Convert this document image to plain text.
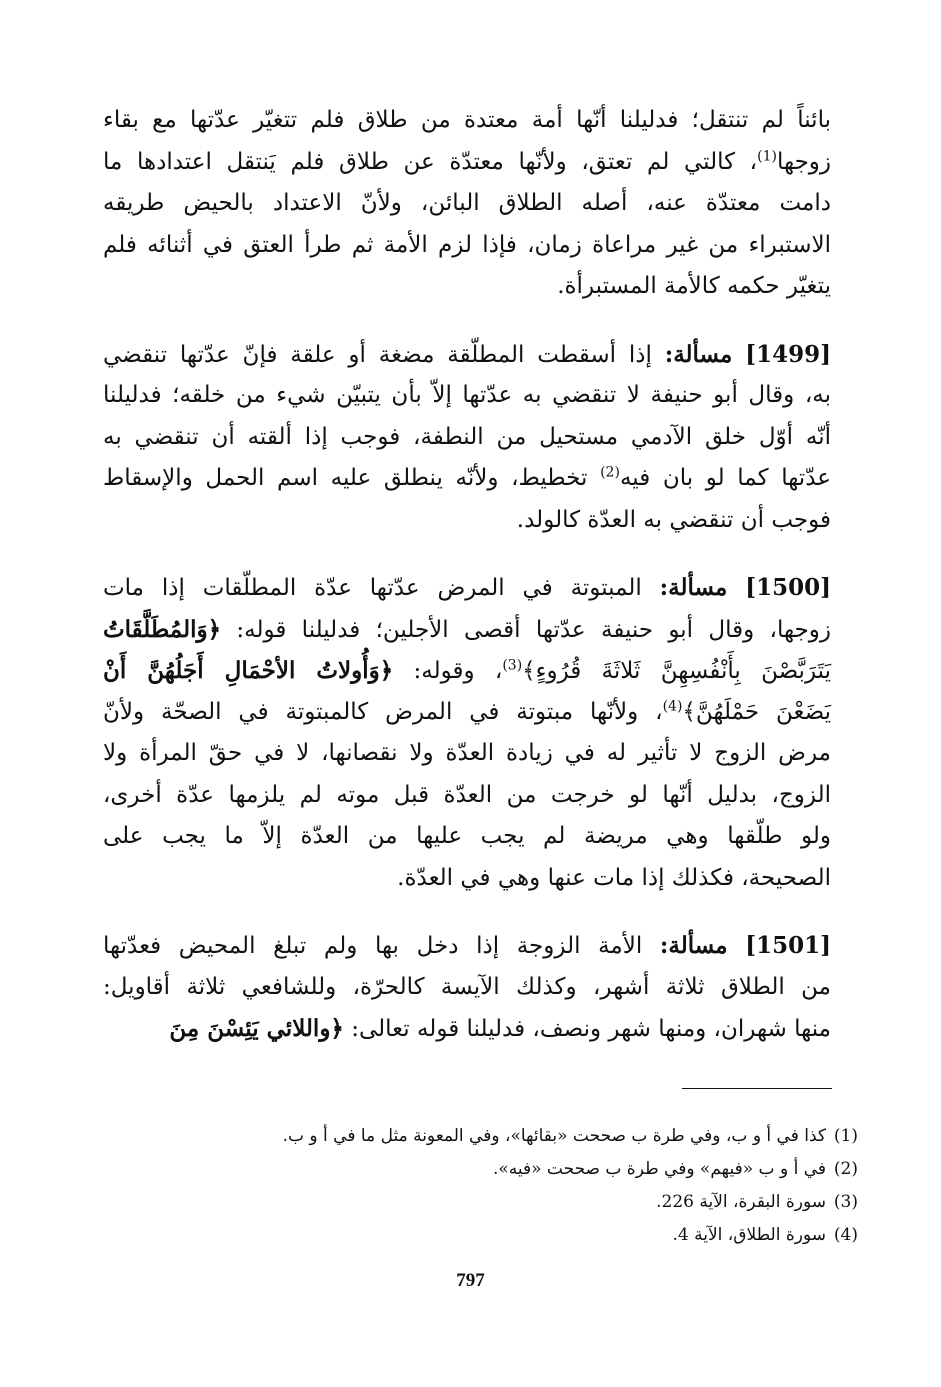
بائناً لم تنتقل؛ فدليلنا أنّها أمة معتدة من طلاق فلم تتغيّر عدّتها مع بقاء
زوجها$^{(1)}$، كالتي لم تعتق، ولأنّها معتدّة عن طلاق فلم يَنتقل اعتدادها ما
دامت معتدّة عنه، أصله الطلاق البائن، ولأنّ الاعتداد بالحيض طريقه
الاستبراء من غير مراعاة زمان، فإذا لزم الأمة ثم طرأ العتق في أثنائه فلم
يتغيّر حكمه كالأمة المستبرأة.
[1499] مسألة: إذا أسقطت المطلّقة مضغة أو علقة فإنّ عدّتها تنقضي
به، وقال أبو حنيفة لا تنقضي به عدّتها إلاّ بأن يتبيّن شيء من خلقه؛ فدليلنا
أنّه أوّل خلق الآدمي مستحيل من النطفة، فوجب إذا ألقته أن تنقضي به
عدّتها كما لو بان فيه$^{(2)}$ تخطيط، ولأنّه ينطلق عليه اسم الحمل والإسقاط
فوجب أن تنقضي به العدّة كالولد.
[1500] مسألة: المبتوتة في المرض عدّتها عدّة المطلّقات إذا مات
زوجها، وقال أبو حنيفة عدّتها أقصى الأجلين؛ فدليلنا قوله: ﴿وَالمُطَلَّقَاتُ
يَتَرَبَّصْنَ بِأَنْفُسِهِنَّ ثَلاثَةَ قُرُوءٍ﴾$^{(3)}$، وقوله: ﴿وَأُولاتُ الأحْمَالِ أَجَلُهُنَّ أَنْ
يَضَعْنَ حَمْلَهُنَّ﴾$^{(4)}$، ولأنّها مبتوتة في المرض كالمبتوتة في الصحّة ولأنّ
مرض الزوج لا تأثير له في زيادة العدّة ولا نقصانها، لا في حقّ المرأة ولا
الزوج، بدليل أنّها لو خرجت من العدّة قبل موته لم يلزمها عدّة أخرى،
ولو طلّقها وهي مريضة لم يجب عليها من العدّة إلاّ ما يجب على
الصحيحة، فكذلك إذا مات عنها وهي في العدّة.
[1501] مسألة: الأمة الزوجة إذا دخل بها ولم تبلغ المحيض فعدّتها
من الطلاق ثلاثة أشهر، وكذلك الآيسة كالحرّة، وللشافعي ثلاثة أقاويل:
منها شهران، ومنها شهر ونصف، فدليلنا قوله تعالى: ﴿واللائي يَئِسْنَ مِنَ
(1)كذا في أ و ب، وفي طرة ب صححت «بقائها»، وفي المعونة مثل ما في أ و ب.
(2)في أ و ب «فيهم» وفي طرة ب صححت «فيه».
(3)سورة البقرة، الآية 226.
(4)سورة الطلاق، الآية 4.
797
